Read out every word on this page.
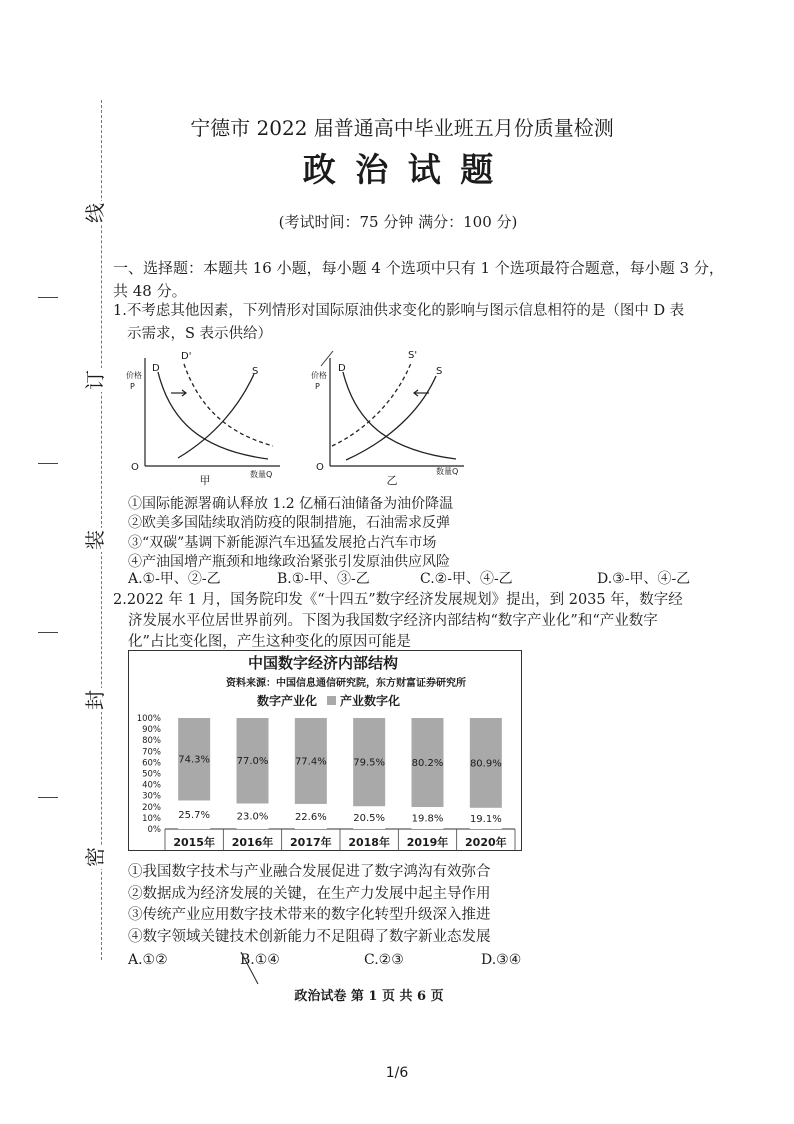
线
订
装
封
密
宁德市 2022 届普通高中毕业班五月份质量检测
政 治 试 题
(考试时间：75 分钟 满分：100 分)
一、选择题：本题共 16 小题，每小题 4 个选项中只有 1 个选项最符合题意，每小题 3 分，
共 48 分。
1.不考虑其他因素，下列情形对国际原油供求变化的影响与图示信息相符的是（图中 D 表
示需求，S 表示供给）
价格
P
O
数量Q
甲
D
D'
S	价格
P
O	数量Q
乙
D
S'
S
①国际能源署确认释放 1.2 亿桶石油储备为油价降温
②欧美多国陆续取消防疫的限制措施，石油需求反弹
③“双碳”基调下新能源汽车迅猛发展抢占汽车市场
④产油国增产瓶颈和地缘政治紧张引发原油供应风险
A.①-甲、②-乙	B.①-甲、③-乙	C.②-甲、④-乙	D.③-甲、④-乙
2.2022 年 1 月，国务院印发《“十四五”数字经济发展规划》提出，到 2035 年，数字经
济发展水平位居世界前列。下图为我国数字经济内部结构“数字产业化”和“产业数字
化”占比变化图，产生这种变化的原因可能是
中国数字经济内部结构
资料来源：中国信息通信研究院，东方财富证券研究所
数字产业化 产业数字化
0%
10%
20%
30%
40%
50%
60%
70%
80%
90%
100%
25.7%
74.3%
2015年
23.0%
77.0%
2016年
22.6%
77.4%
2017年
20.5%
79.5%
2018年
19.8%
80.2%
2019年
19.1%
80.9%
2020年
①我国数字技术与产业融合发展促进了数字鸿沟有效弥合
②数据成为经济发展的关键，在生产力发展中起主导作用
③传统产业应用数字技术带来的数字化转型升级深入推进
④数字领域关键技术创新能力不足阻碍了数字新业态发展
A.①②	B.①④	C.②③	D.③④
政治试卷 第 1 页 共 6 页
1/6
